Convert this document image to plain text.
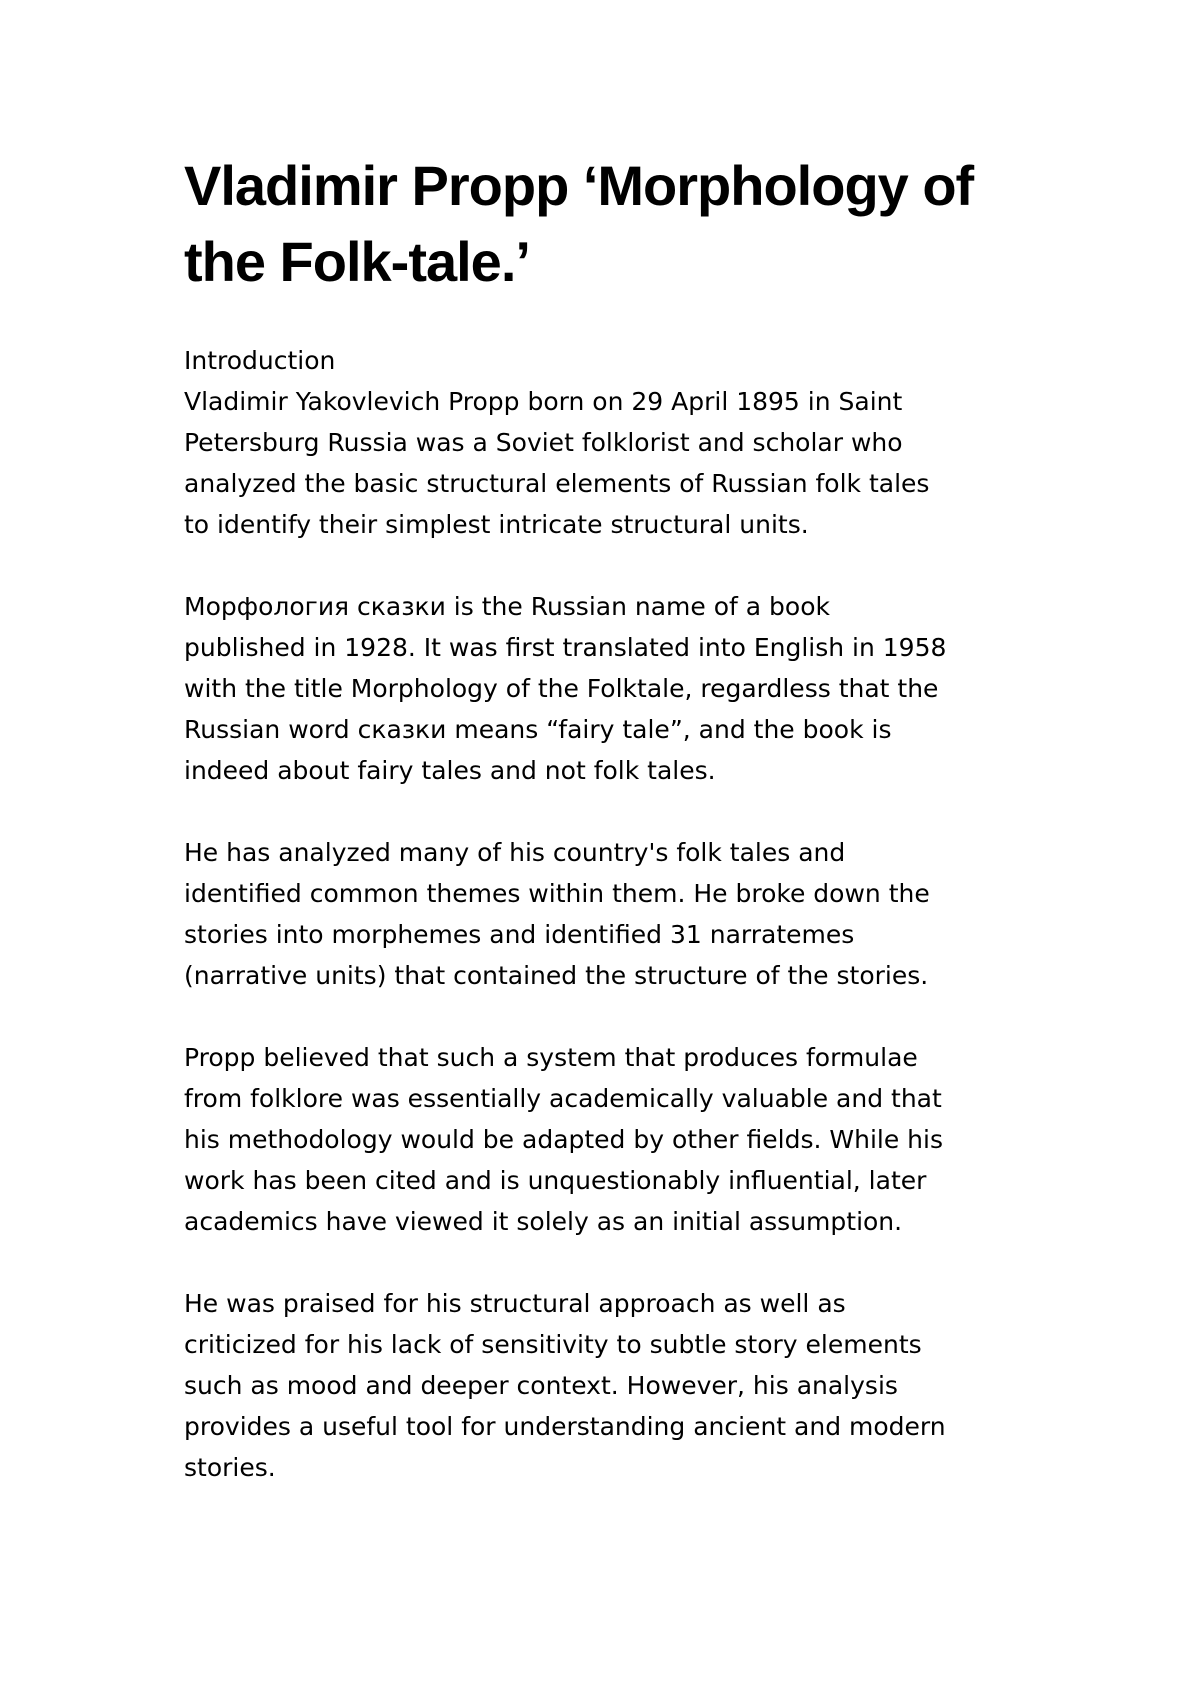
Vladimir Propp ‘Morphology of
the Folk-tale.’
Introduction

Vladimir Yakovlevich Propp born on 29 April 1895 in Saint
Petersburg Russia was a Soviet folklorist and scholar who
analyzed the basic structural elements of Russian folk tales
to identify their simplest intricate structural units.

Морфология сказки is the Russian name of a book
published in 1928. It was first translated into English in 1958
with the title Morphology of the Folktale, regardless that the
Russian word сказки means “fairy tale”, and the book is
indeed about fairy tales and not folk tales.

He has analyzed many of his country's folk tales and
identified common themes within them. He broke down the
stories into morphemes and identified 31 narratemes
(narrative units) that contained the structure of the stories.

Propp believed that such a system that produces formulae
from folklore was essentially academically valuable and that
his methodology would be adapted by other fields. While his
work has been cited and is unquestionably influential, later
academics have viewed it solely as an initial assumption.

He was praised for his structural approach as well as
criticized for his lack of sensitivity to subtle story elements
such as mood and deeper context. However, his analysis
provides a useful tool for understanding ancient and modern
stories.
